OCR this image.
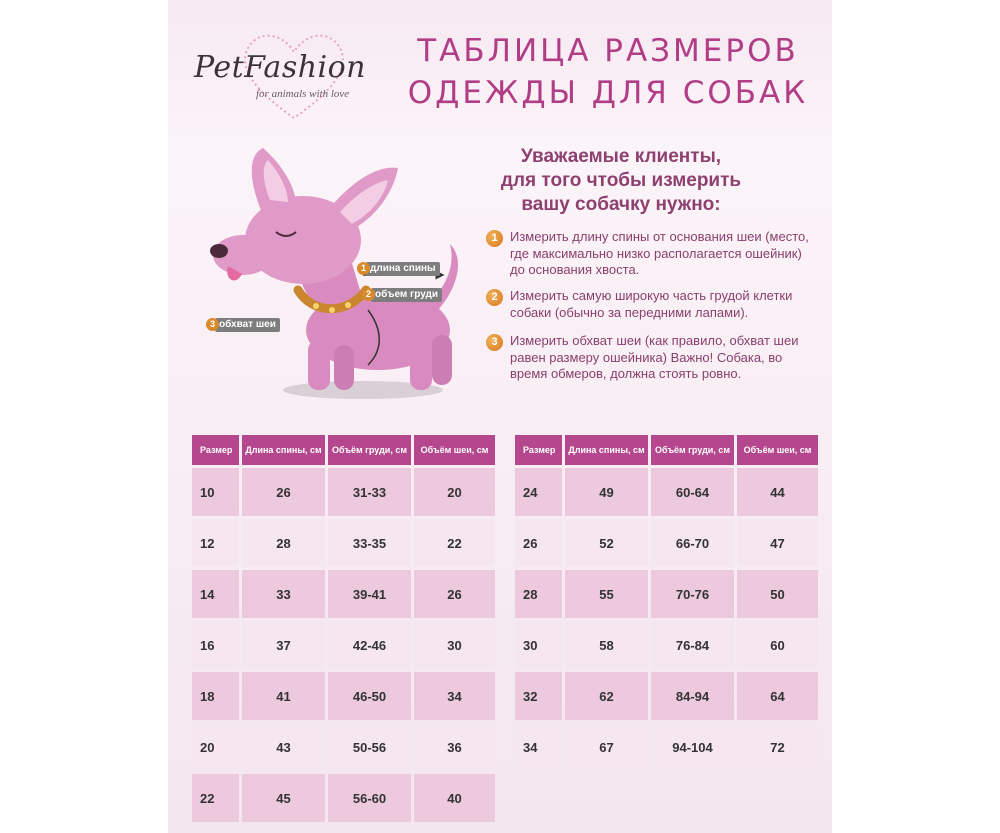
PetFashion
for animals with love
ТАБЛИЦА РАЗМЕРОВ
ОДЕЖДЫ ДЛЯ СОБАК
1 длина спины
2 объем груди
3 обхват шеи
Уважаемые клиенты,
для того чтобы измерить
вашу собачку нужно:
1 Измерить длину спины от основания шеи (место, где максимально низко располагается ошейник) до основания хвоста.
2 Измерить самую широкую часть грудой клетки собаки (обычно за передними лапами).
3 Измерить обхват шеи (как правило, обхват шеи равен размеру ошейника) Важно! Собака, во время обмеров, должна стоять ровно.
Размер	Длина спины, см	Объём груди, см	Объём шеи, см
10	26	31-33	20
12	28	33-35	22
14	33	39-41	26
16	37	42-46	30
18	41	46-50	34
20	43	50-56	36
22	45	56-60	40
Размер	Длина спины, см	Объём груди, см	Объём шеи, см
24	49	60-64	44
26	52	66-70	47
28	55	70-76	50
30	58	76-84	60
32	62	84-94	64
34	67	94-104	72
